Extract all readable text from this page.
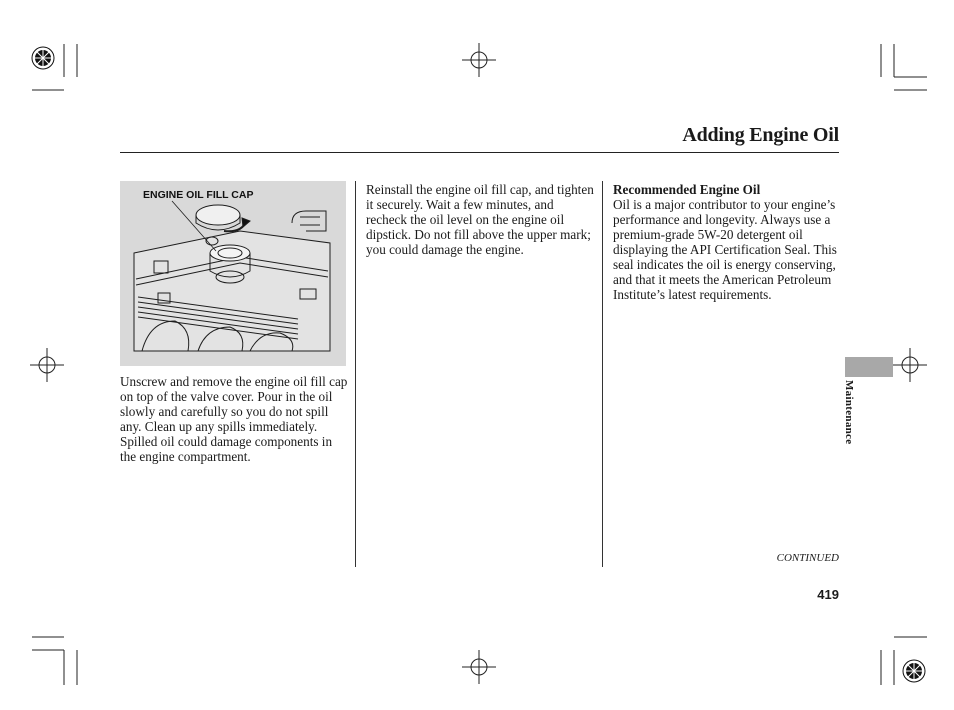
Adding Engine Oil
ENGINE OIL FILL CAP
Unscrew and remove the engine oil fill cap on top of the valve cover. Pour in the oil slowly and carefully so you do not spill any. Clean up any spills immediately. Spilled oil could damage components in the engine compartment.
Reinstall the engine oil fill cap, and tighten it securely. Wait a few minutes, and recheck the oil level on the engine oil dipstick. Do not fill above the upper mark; you could damage the engine.
Recommended Engine Oil
Oil is a major contributor to your engine’s performance and longevity. Always use a premium-grade 5W-20 detergent oil displaying the API Certification Seal. This seal indicates the oil is energy conserving, and that it meets the American Petroleum Institute’s latest requirements.
Maintenance
CONTINUED
419
